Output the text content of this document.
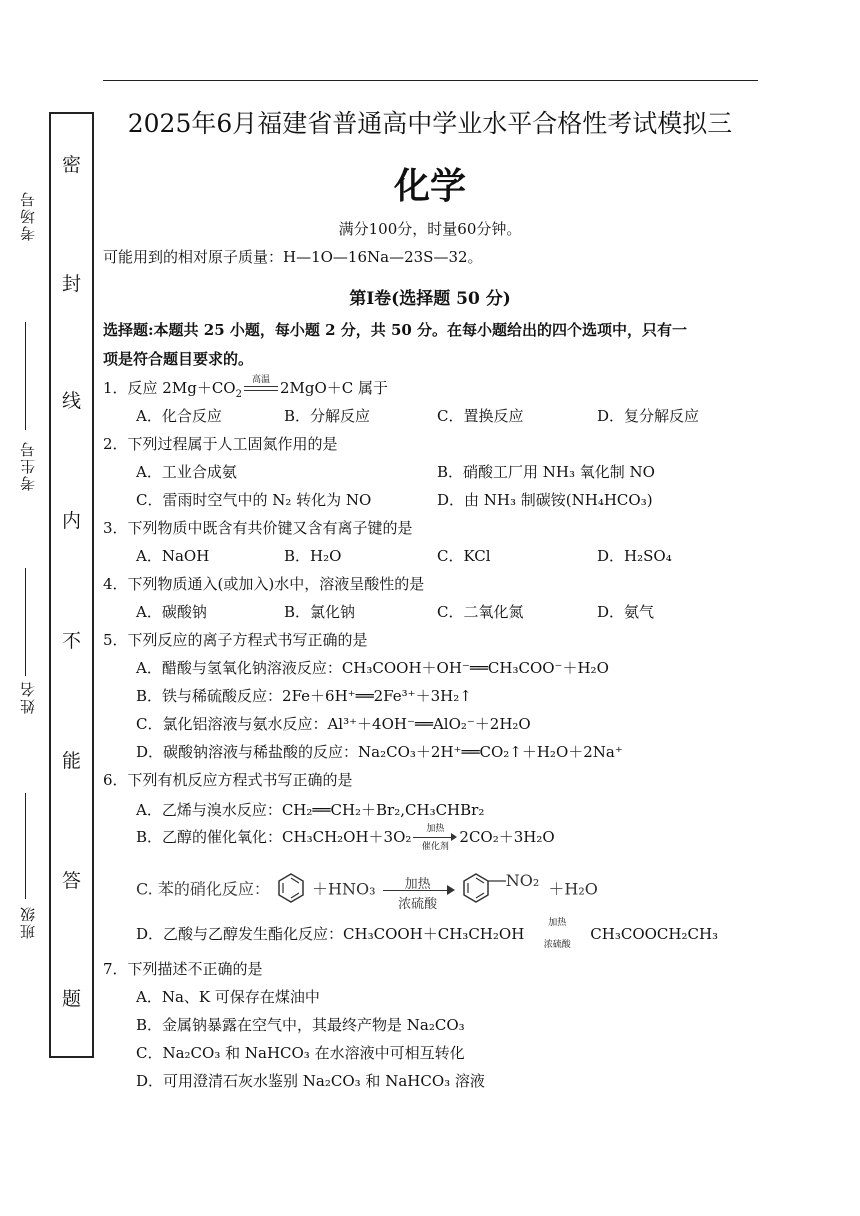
密
封
线
内
不
能
答
题
考场号
考生号
姓名
班级
2025年6月福建省普通高中学业水平合格性考试模拟三
化学
满分100分，时量60分钟。
可能用到的相对原子质量：H—1O—16Na—23S—32。
第Ⅰ卷(选择题 50 分)
选择题:本题共 25 小题，每小题 2 分，共 50 分。在每小题给出的四个选项中，只有一
项是符合题目要求的。
1．反应 $2Mg+CO_2$
高温 2MgO＋C 属于
A．化合反应	B．分解反应	C．置换反应	D．复分解反应
2．下列过程属于人工固氮作用的是
A．工业合成氨	B．硝酸工厂用 NH₃ 氧化制 NO
C．雷雨时空气中的 N₂ 转化为 NO	D．由 NH₃ 制碳铵(NH₄HCO₃)
3．下列物质中既含有共价键又含有离子键的是
A．NaOH	B．H₂O	C．KCl	D．H₂SO₄
4．下列物质通入(或加入)水中，溶液呈酸性的是
A．碳酸钠	B．氯化钠	C．二氧化氮	D．氨气
5．下列反应的离子方程式书写正确的是
A．醋酸与氢氧化钠溶液反应：CH₃COOH＋OH⁻══CH₃COO⁻＋H₂O
B．铁与稀硫酸反应：2Fe＋6H⁺══2Fe³⁺＋3H₂↑
C．氯化铝溶液与氨水反应：Al³⁺＋4OH⁻══AlO₂⁻＋2H₂O
D．碳酸钠溶液与稀盐酸的反应：Na₂CO₃＋2H⁺══CO₂↑＋H₂O＋2Na⁺
6．下列有机反应方程式书写正确的是
A．乙烯与溴水反应：CH₂══CH₂＋Br₂,CH₃CHBr₂
B．乙醇的催化氧化：CH₃CH₂OH＋3O₂	加热
催化剂
2CO₂＋3H₂O
C. 苯的硝化反应：	＋HNO₃	加热
浓硫酸
NO₂ ＋H₂O
D．乙酸与乙醇发生酯化反应：CH₃COOH＋CH₃CH₂OH
加热
浓硫酸
CH₃COOCH₂CH₃
7．下列描述不正确的是
A．Na、K 可保存在煤油中
B．金属钠暴露在空气中，其最终产物是 Na₂CO₃
C．Na₂CO₃ 和 NaHCO₃ 在水溶液中可相互转化
D．可用澄清石灰水鉴别 Na₂CO₃ 和 NaHCO₃ 溶液
